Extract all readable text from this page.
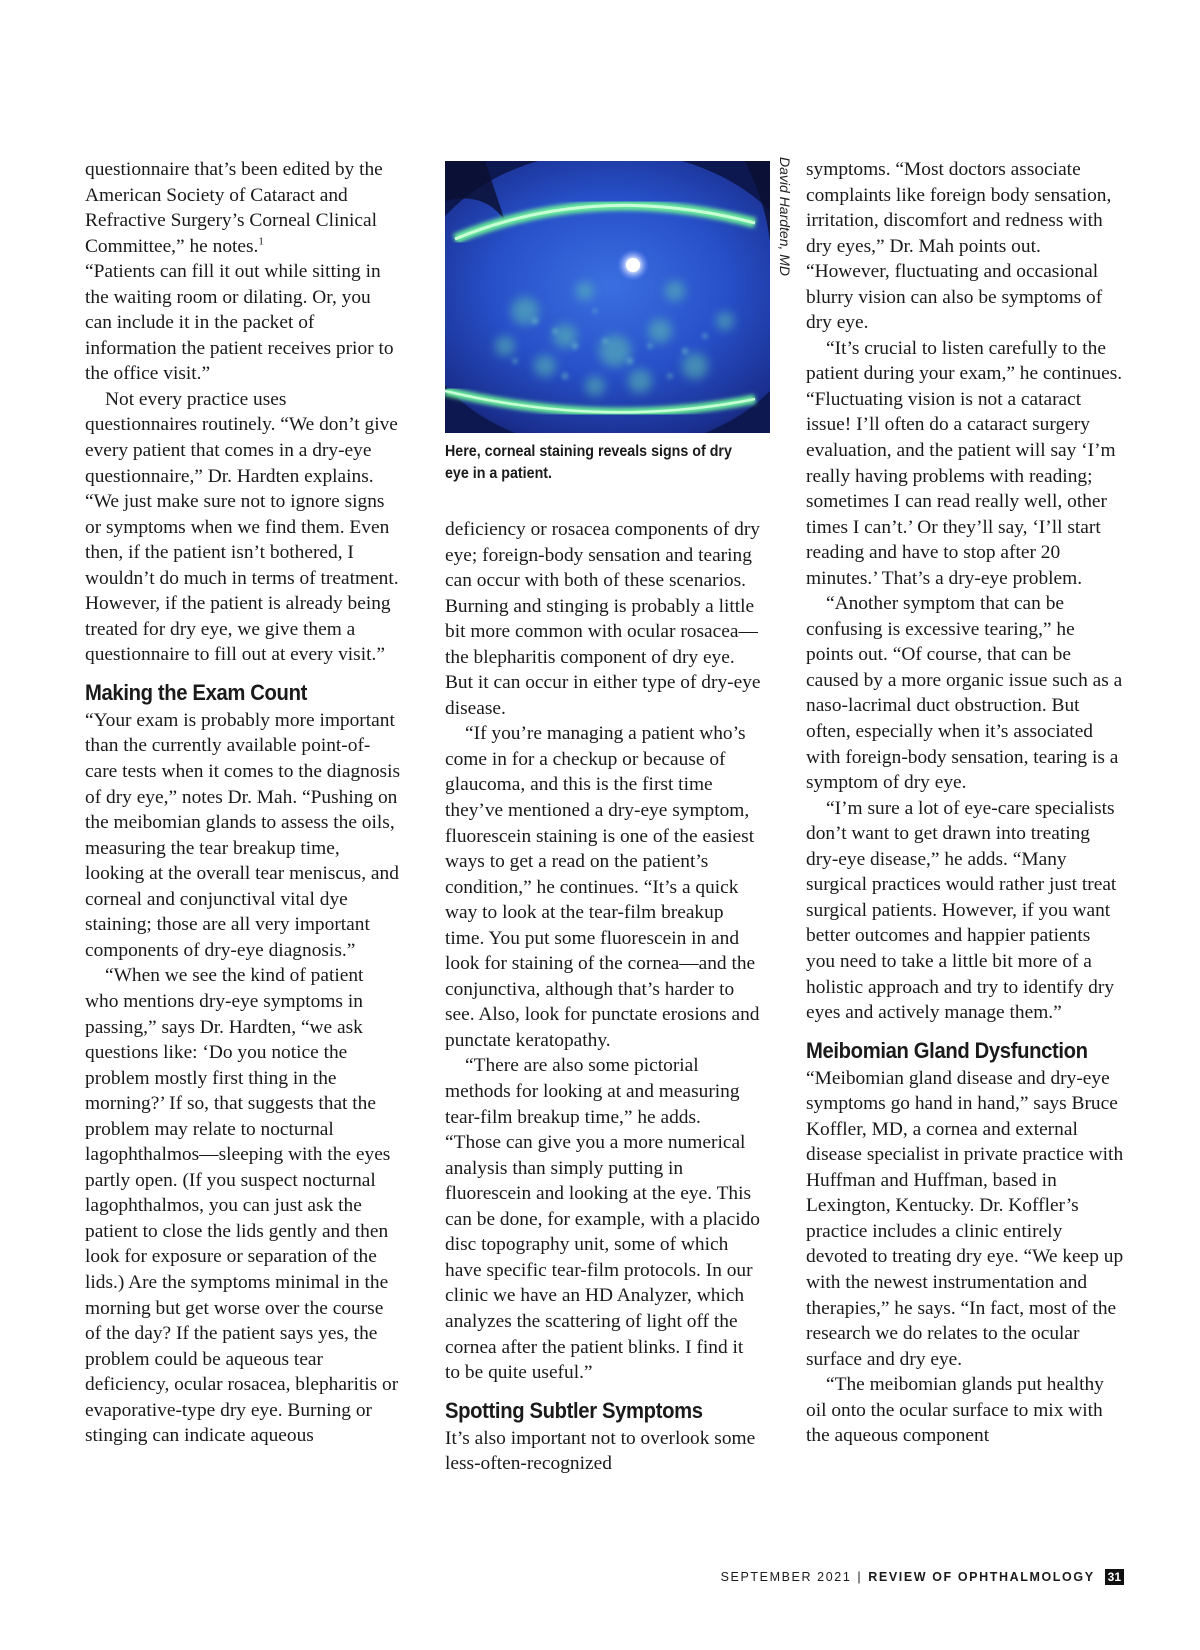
questionnaire that’s been edited by the American Society of Cataract and Refractive Surgery’s Corneal Clinical Committee,” he notes.$^1$

“Patients can fill it out while sitting in the waiting room or dilating. Or, you can include it in the packet of information the patient receives prior to the office visit.”

Not every practice uses questionnaires routinely. “We don’t give every patient that comes in a dry-eye questionnaire,” Dr. Hardten explains. “We just make sure not to ignore signs or symptoms when we find them. Even then, if the patient isn’t bothered, I wouldn’t do much in terms of treatment. However, if the patient is already being treated for dry eye, we give them a questionnaire to fill out at every visit.”

Making the Exam Count

“Your exam is probably more important than the currently available point-of-care tests when it comes to the diagnosis of dry eye,” notes Dr. Mah. “Pushing on the meibomian glands to assess the oils, measuring the tear breakup time, looking at the overall tear meniscus, and corneal and conjunctival vital dye staining; those are all very important components of dry-eye diagnosis.”

“When we see the kind of patient who mentions dry-eye symptoms in passing,” says Dr. Hardten, “we ask questions like: ‘Do you notice the problem mostly first thing in the morning?’ If so, that suggests that the problem may relate to nocturnal lagophthalmos—sleeping with the eyes partly open. (If you suspect nocturnal lagophthalmos, you can just ask the patient to close the lids gently and then look for exposure or separation of the lids.) Are the symptoms minimal in the morning but get worse over the course of the day? If the patient says yes, the problem could be aqueous tear deficiency, ocular rosacea, blepharitis or evaporative-type dry eye. Burning or stinging can indicate aqueous

David Hardten, MD
Here, corneal staining reveals signs of dry eye in a patient.

deficiency or rosacea components of dry eye; foreign-body sensation and tearing can occur with both of these scenarios. Burning and stinging is probably a little bit more common with ocular rosacea—the blepharitis component of dry eye. But it can occur in either type of dry-eye disease.

“If you’re managing a patient who’s come in for a checkup or because of glaucoma, and this is the first time they’ve mentioned a dry-eye symptom, fluorescein staining is one of the easiest ways to get a read on the patient’s condition,” he continues. “It’s a quick way to look at the tear-film breakup time. You put some fluorescein in and look for staining of the cornea—and the conjunctiva, although that’s harder to see. Also, look for punctate erosions and punctate keratopathy.

“There are also some pictorial methods for looking at and measuring tear-film breakup time,” he adds. “Those can give you a more numerical analysis than simply putting in fluorescein and looking at the eye. This can be done, for example, with a placido disc topography unit, some of which have specific tear-film protocols. In our clinic we have an HD Analyzer, which analyzes the scattering of light off the cornea after the patient blinks. I find it to be quite useful.”

Spotting Subtler Symptoms

It’s also important not to overlook some less-often-recognized

symptoms. “Most doctors associate complaints like foreign body sensation, irritation, discomfort and redness with dry eyes,” Dr. Mah points out. “However, fluctuating and occasional blurry vision can also be symptoms of dry eye.

“It’s crucial to listen carefully to the patient during your exam,” he continues. “Fluctuating vision is not a cataract issue! I’ll often do a cataract surgery evaluation, and the patient will say ‘I’m really having problems with reading; sometimes I can read really well, other times I can’t.’ Or they’ll say, ‘I’ll start reading and have to stop after 20 minutes.’ That’s a dry-eye problem.

“Another symptom that can be confusing is excessive tearing,” he points out. “Of course, that can be caused by a more organic issue such as a naso-lacrimal duct obstruction. But often, especially when it’s associated with foreign-body sensation, tearing is a symptom of dry eye.

“I’m sure a lot of eye-care specialists don’t want to get drawn into treating dry-eye disease,” he adds. “Many surgical practices would rather just treat surgical patients. However, if you want better outcomes and happier patients you need to take a little bit more of a holistic approach and try to identify dry eyes and actively manage them.”

Meibomian Gland Dysfunction

“Meibomian gland disease and dry-eye symptoms go hand in hand,” says Bruce Koffler, MD, a cornea and external disease specialist in private practice with Huffman and Huffman, based in Lexington, Kentucky. Dr. Koffler’s practice includes a clinic entirely devoted to treating dry eye. “We keep up with the newest instrumentation and therapies,” he says. “In fact, most of the research we do relates to the ocular surface and dry eye.

“The meibomian glands put healthy oil onto the ocular surface to mix with the aqueous component

SEPTEMBER 2021 | REVIEW OF OPHTHALMOLOGY 31
